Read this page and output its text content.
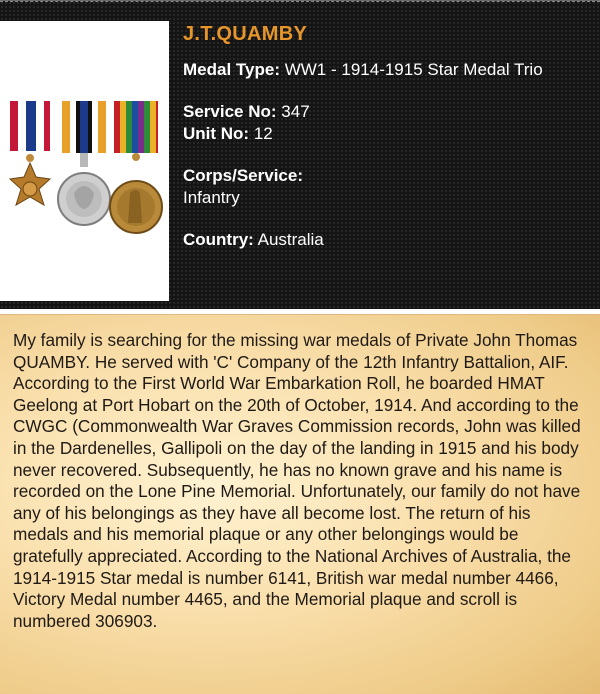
J.T.QUAMBY
Medal Type: WW1 - 1914-1915 Star Medal Trio
Service No: 347
Unit No: 12
Corps/Service:
Infantry
Country: Australia

My family is searching for the missing war medals of Private John Thomas QUAMBY. He served with 'C' Company of the 12th Infantry Battalion, AIF. According to the First World War Embarkation Roll, he boarded HMAT Geelong at Port Hobart on the 20th of October, 1914. And according to the CWGC (Commonwealth War Graves Commission records, John was killed in the Dardenelles, Gallipoli on the day of the landing in 1915 and his body never recovered. Subsequently, he has no known grave and his name is recorded on the Lone Pine Memorial. Unfortunately, our family do not have any of his belongings as they have all become lost. The return of his medals and his memorial plaque or any other belongings would be gratefully appreciated. According to the National Archives of Australia, the 1914-1915 Star medal is number 6141, British war medal number 4466, Victory Medal number 4465, and the Memorial plaque and scroll is numbered 306903.
